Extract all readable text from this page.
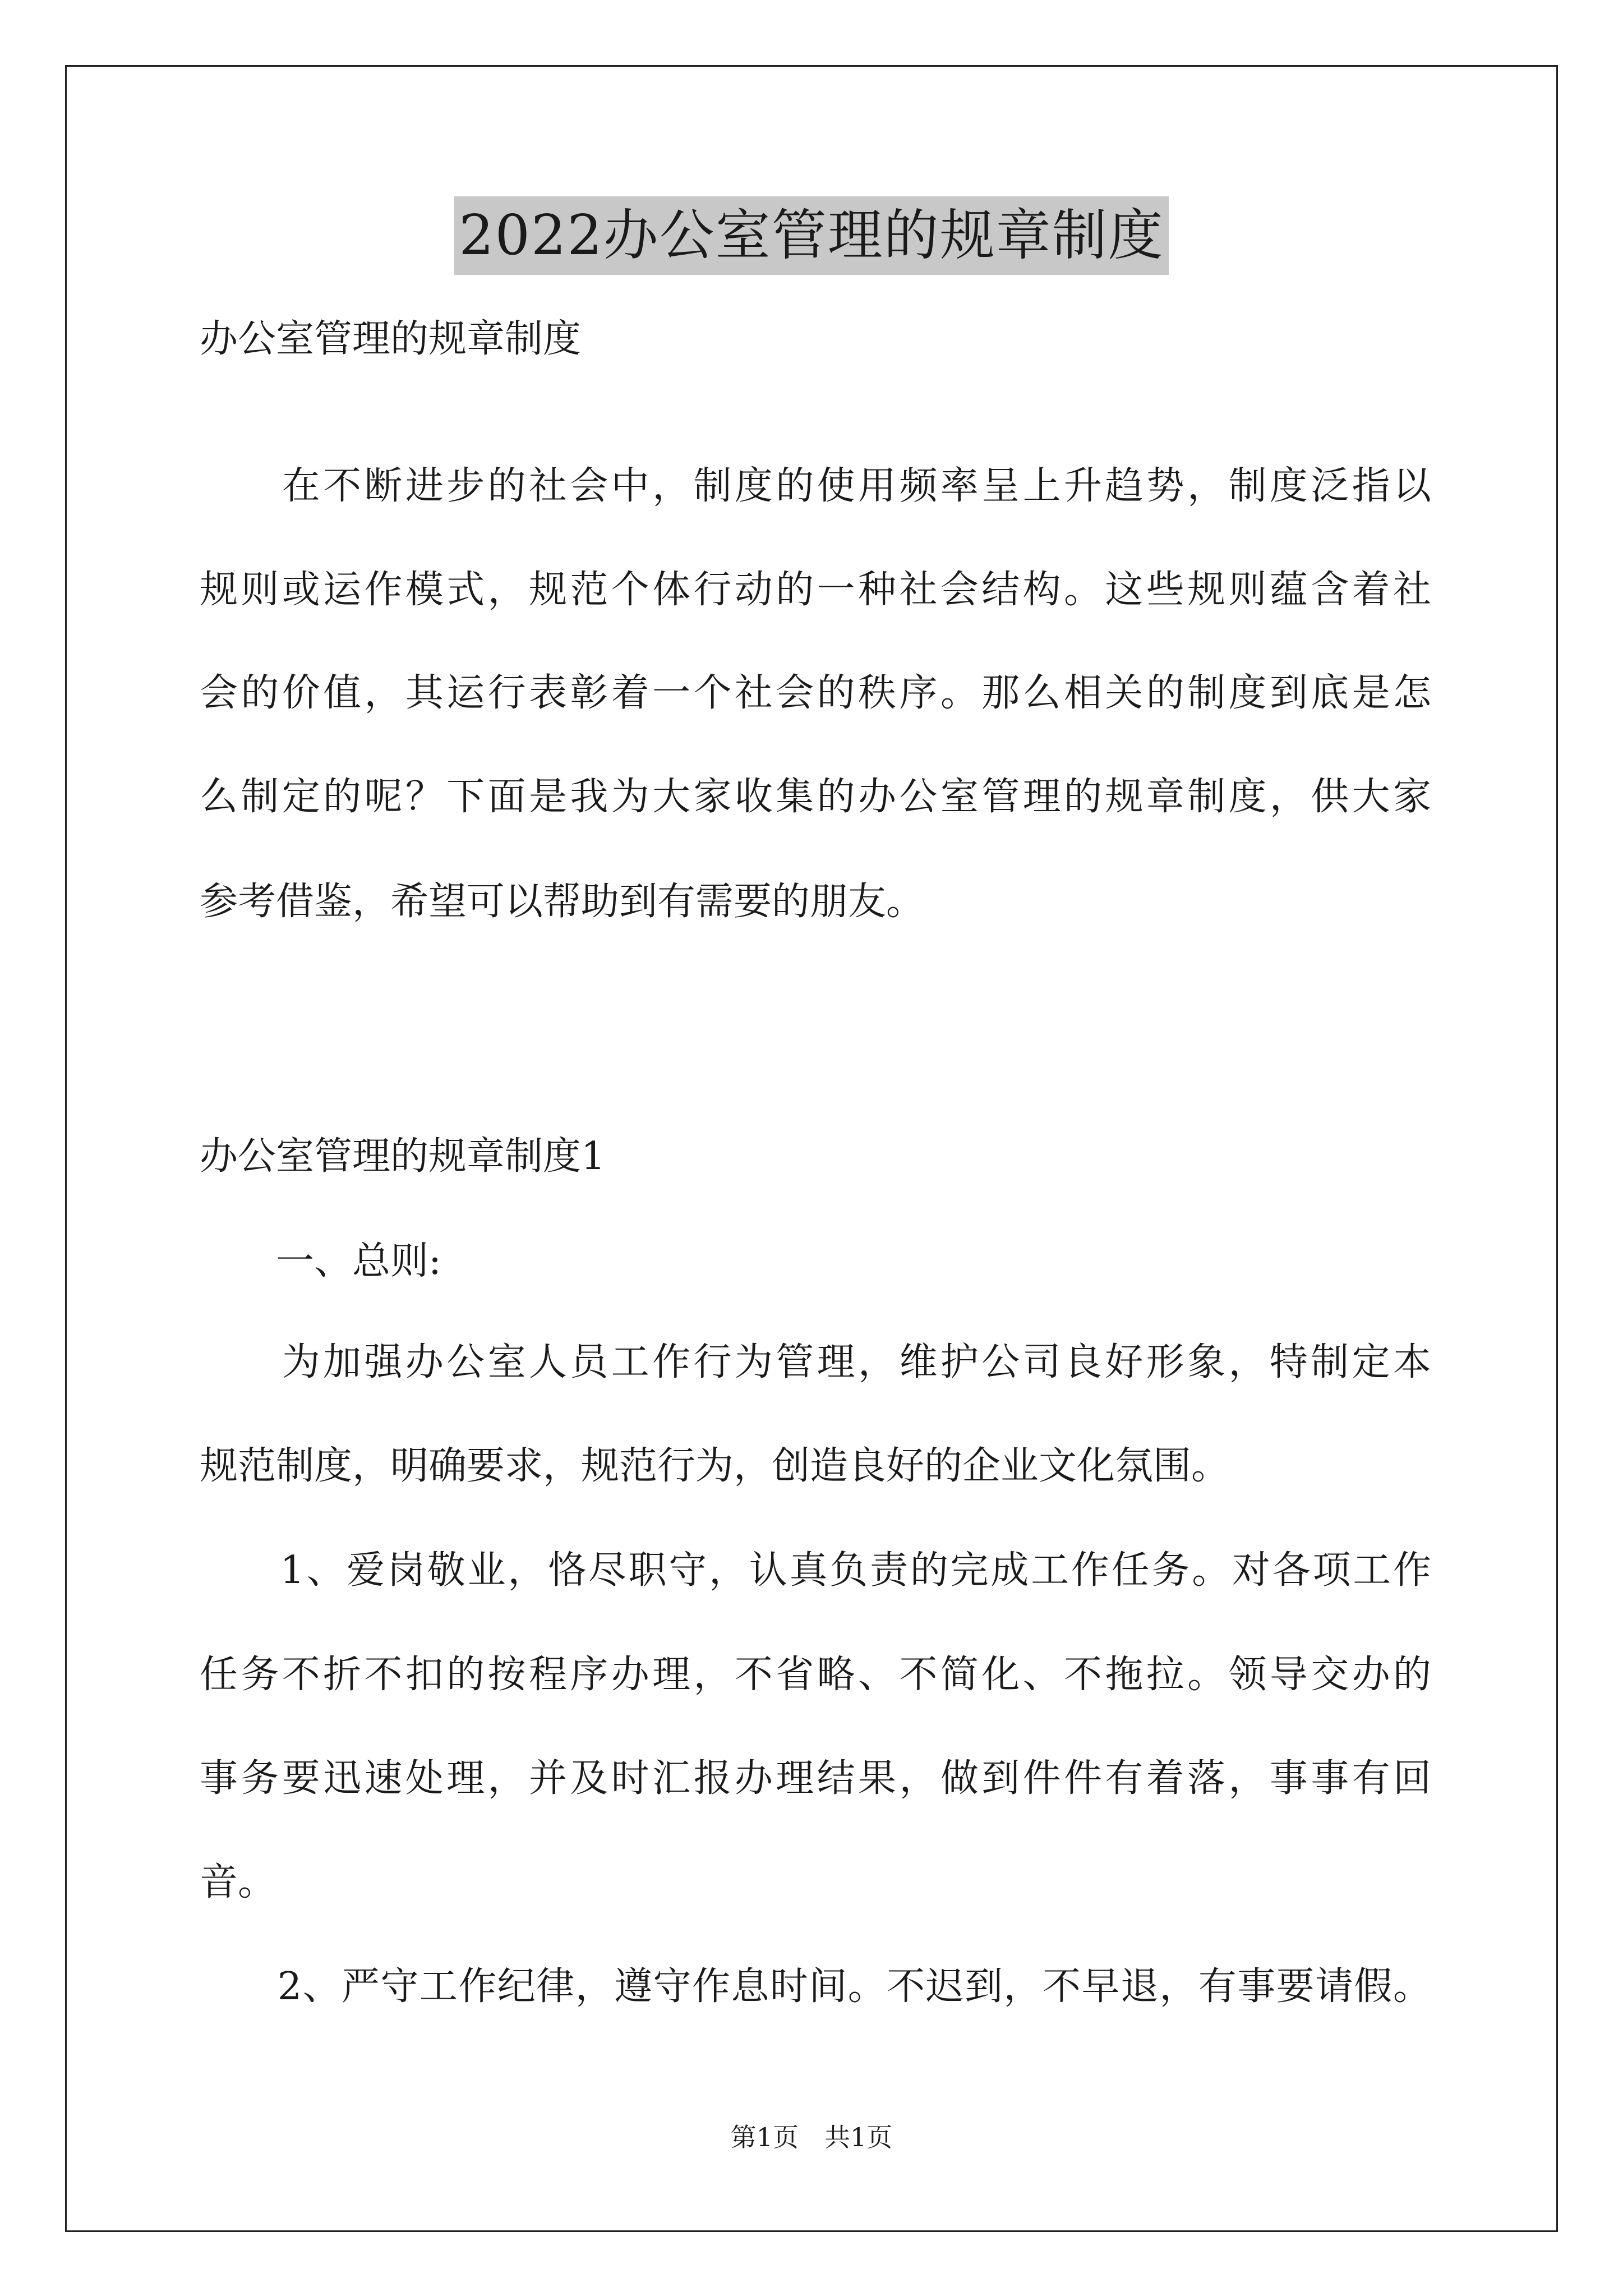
2022办公室管理的规章制度
办公室管理的规章制度
　　在不断进步的社会中，制度的使用频率呈上升趋势，制度泛指以
规则或运作模式，规范个体行动的一种社会结构。这些规则蕴含着社
会的价值，其运行表彰着一个社会的秩序。那么相关的制度到底是怎
么制定的呢？下面是我为大家收集的办公室管理的规章制度，供大家
参考借鉴，希望可以帮助到有需要的朋友。
办公室管理的规章制度1
　　一、总则:
　　为加强办公室人员工作行为管理，维护公司良好形象，特制定本
规范制度，明确要求，规范行为，创造良好的企业文化氛围。
　　1、爱岗敬业，恪尽职守，认真负责的完成工作任务。对各项工作
任务不折不扣的按程序办理，不省略、不简化、不拖拉。领导交办的
事务要迅速处理，并及时汇报办理结果，做到件件有着落，事事有回
音。
　　2、严守工作纪律，遵守作息时间。不迟到，不早退，有事要请假。
第1页　共1页
